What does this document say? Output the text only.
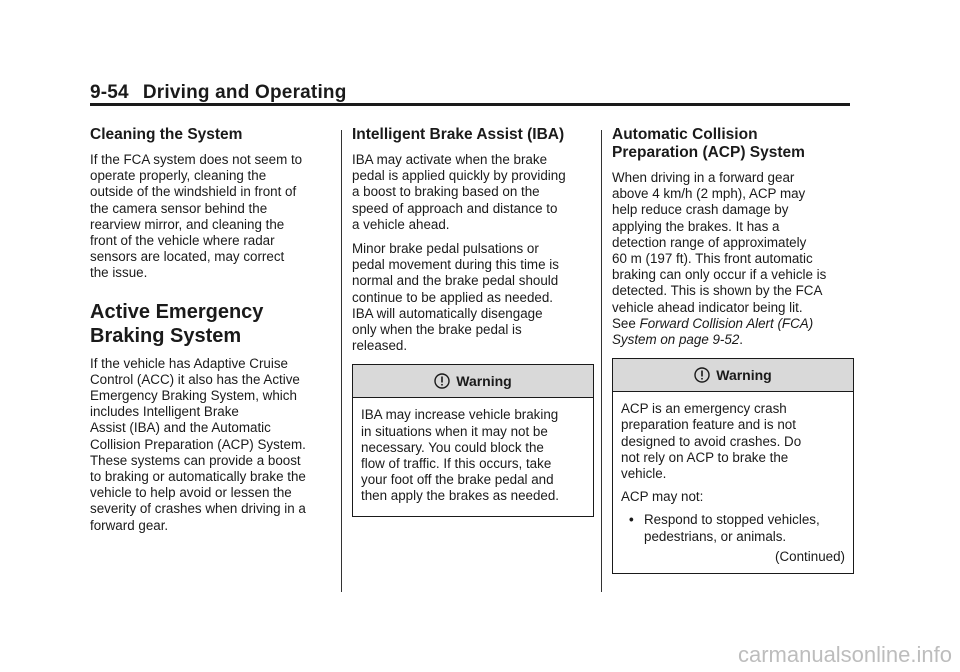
9-54 Driving and Operating
Cleaning the System

If the FCA system does not seem to
operate properly, cleaning the
outside of the windshield in front of
the camera sensor behind the
rearview mirror, and cleaning the
front of the vehicle where radar
sensors are located, may correct
the issue.

Active Emergency
Braking System

If the vehicle has Adaptive Cruise
Control (ACC) it also has the Active
Emergency Braking System, which
includes Intelligent Brake
Assist (IBA) and the Automatic
Collision Preparation (ACP) System.
These systems can provide a boost
to braking or automatically brake the
vehicle to help avoid or lessen the
severity of crashes when driving in a
forward gear.

Intelligent Brake Assist (IBA)

IBA may activate when the brake
pedal is applied quickly by providing
a boost to braking based on the
speed of approach and distance to
a vehicle ahead.

Minor brake pedal pulsations or
pedal movement during this time is
normal and the brake pedal should
continue to be applied as needed.
IBA will automatically disengage
only when the brake pedal is
released.

Warning

IBA may increase vehicle braking
in situations when it may not be
necessary. You could block the
flow of traffic. If this occurs, take
your foot off the brake pedal and
then apply the brakes as needed.

Automatic Collision
Preparation (ACP) System

When driving in a forward gear
above 4 km/h (2 mph), ACP may
help reduce crash damage by
applying the brakes. It has a
detection range of approximately
60 m (197 ft). This front automatic
braking can only occur if a vehicle is
detected. This is shown by the FCA
vehicle ahead indicator being lit.

See Forward Collision Alert (FCA)
System on page 9-52.

Warning

ACP is an emergency crash
preparation feature and is not
designed to avoid crashes. Do
not rely on ACP to brake the
vehicle.

ACP may not:

• Respond to stopped vehicles,
pedestrians, or animals.
(Continued)
carmanualsonline.info
